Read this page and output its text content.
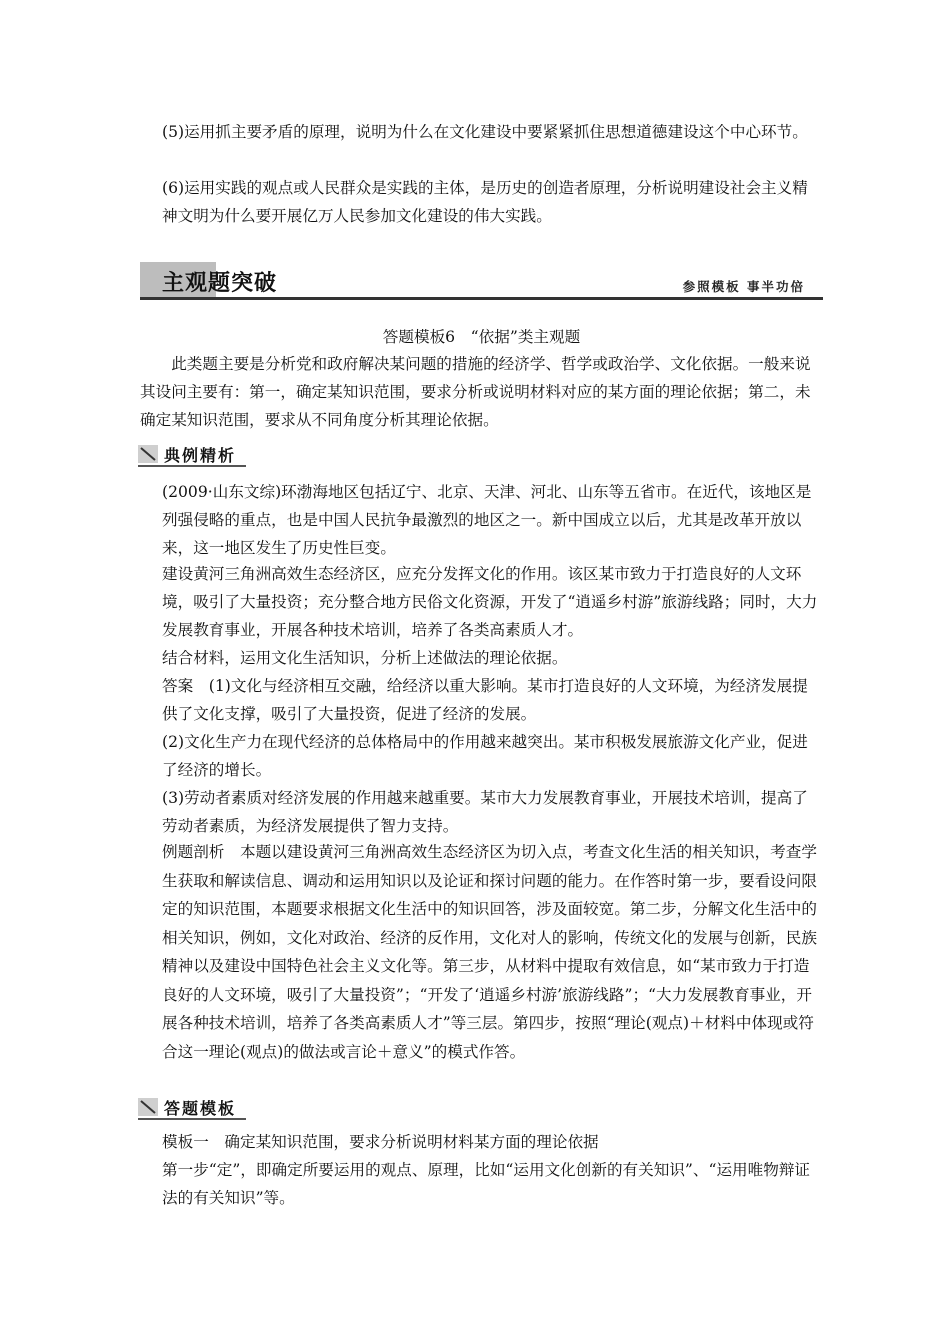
(5)运用抓主要矛盾的原理，说明为什么在文化建设中要紧紧抓住思想道德建设这个中心环节。

(6)运用实践的观点或人民群众是实践的主体，是历史的创造者原理，分析说明建设社会主义精神文明为什么要开展亿万人民参加文化建设的伟大实践。

主观题突破	参照模板 事半功倍
答题模板6　“依据”类主观题

此类题主要是分析党和政府解决某问题的措施的经济学、哲学或政治学、文化依据。一般来说其设问主要有：第一，确定某知识范围，要求分析或说明材料对应的某方面的理论依据；第二，未确定某知识范围，要求从不同角度分析其理论依据。

典例精析

(2009·山东文综)环渤海地区包括辽宁、北京、天津、河北、山东等五省市。在近代，该地区是列强侵略的重点，也是中国人民抗争最激烈的地区之一。新中国成立以后，尤其是改革开放以来，这一地区发生了历史性巨变。

建设黄河三角洲高效生态经济区，应充分发挥文化的作用。该区某市致力于打造良好的人文环境，吸引了大量投资；充分整合地方民俗文化资源，开发了“逍遥乡村游”旅游线路；同时，大力发展教育事业，开展各种技术培训，培养了各类高素质人才。

结合材料，运用文化生活知识，分析上述做法的理论依据。

答案　(1)文化与经济相互交融，给经济以重大影响。某市打造良好的人文环境，为经济发展提供了文化支撑，吸引了大量投资，促进了经济的发展。

(2)文化生产力在现代经济的总体格局中的作用越来越突出。某市积极发展旅游文化产业，促进了经济的增长。

(3)劳动者素质对经济发展的作用越来越重要。某市大力发展教育事业，开展技术培训，提高了劳动者素质，为经济发展提供了智力支持。

例题剖析　本题以建设黄河三角洲高效生态经济区为切入点，考查文化生活的相关知识，考查学生获取和解读信息、调动和运用知识以及论证和探讨问题的能力。在作答时第一步，要看设问限定的知识范围，本题要求根据文化生活中的知识回答，涉及面较宽。第二步，分解文化生活中的相关知识，例如，文化对政治、经济的反作用，文化对人的影响，传统文化的发展与创新，民族精神以及建设中国特色社会主义文化等。第三步，从材料中提取有效信息，如“某市致力于打造良好的人文环境，吸引了大量投资”；“开发了‘逍遥乡村游’旅游线路”；“大力发展教育事业，开展各种技术培训，培养了各类高素质人才”等三层。第四步，按照“理论(观点)＋材料中体现或符合这一理论(观点)的做法或言论＋意义”的模式作答。

答题模板

模板一　确定某知识范围，要求分析说明材料某方面的理论依据

第一步“定”，即确定所要运用的观点、原理，比如“运用文化创新的有关知识”、“运用唯物辩证法的有关知识”等。
